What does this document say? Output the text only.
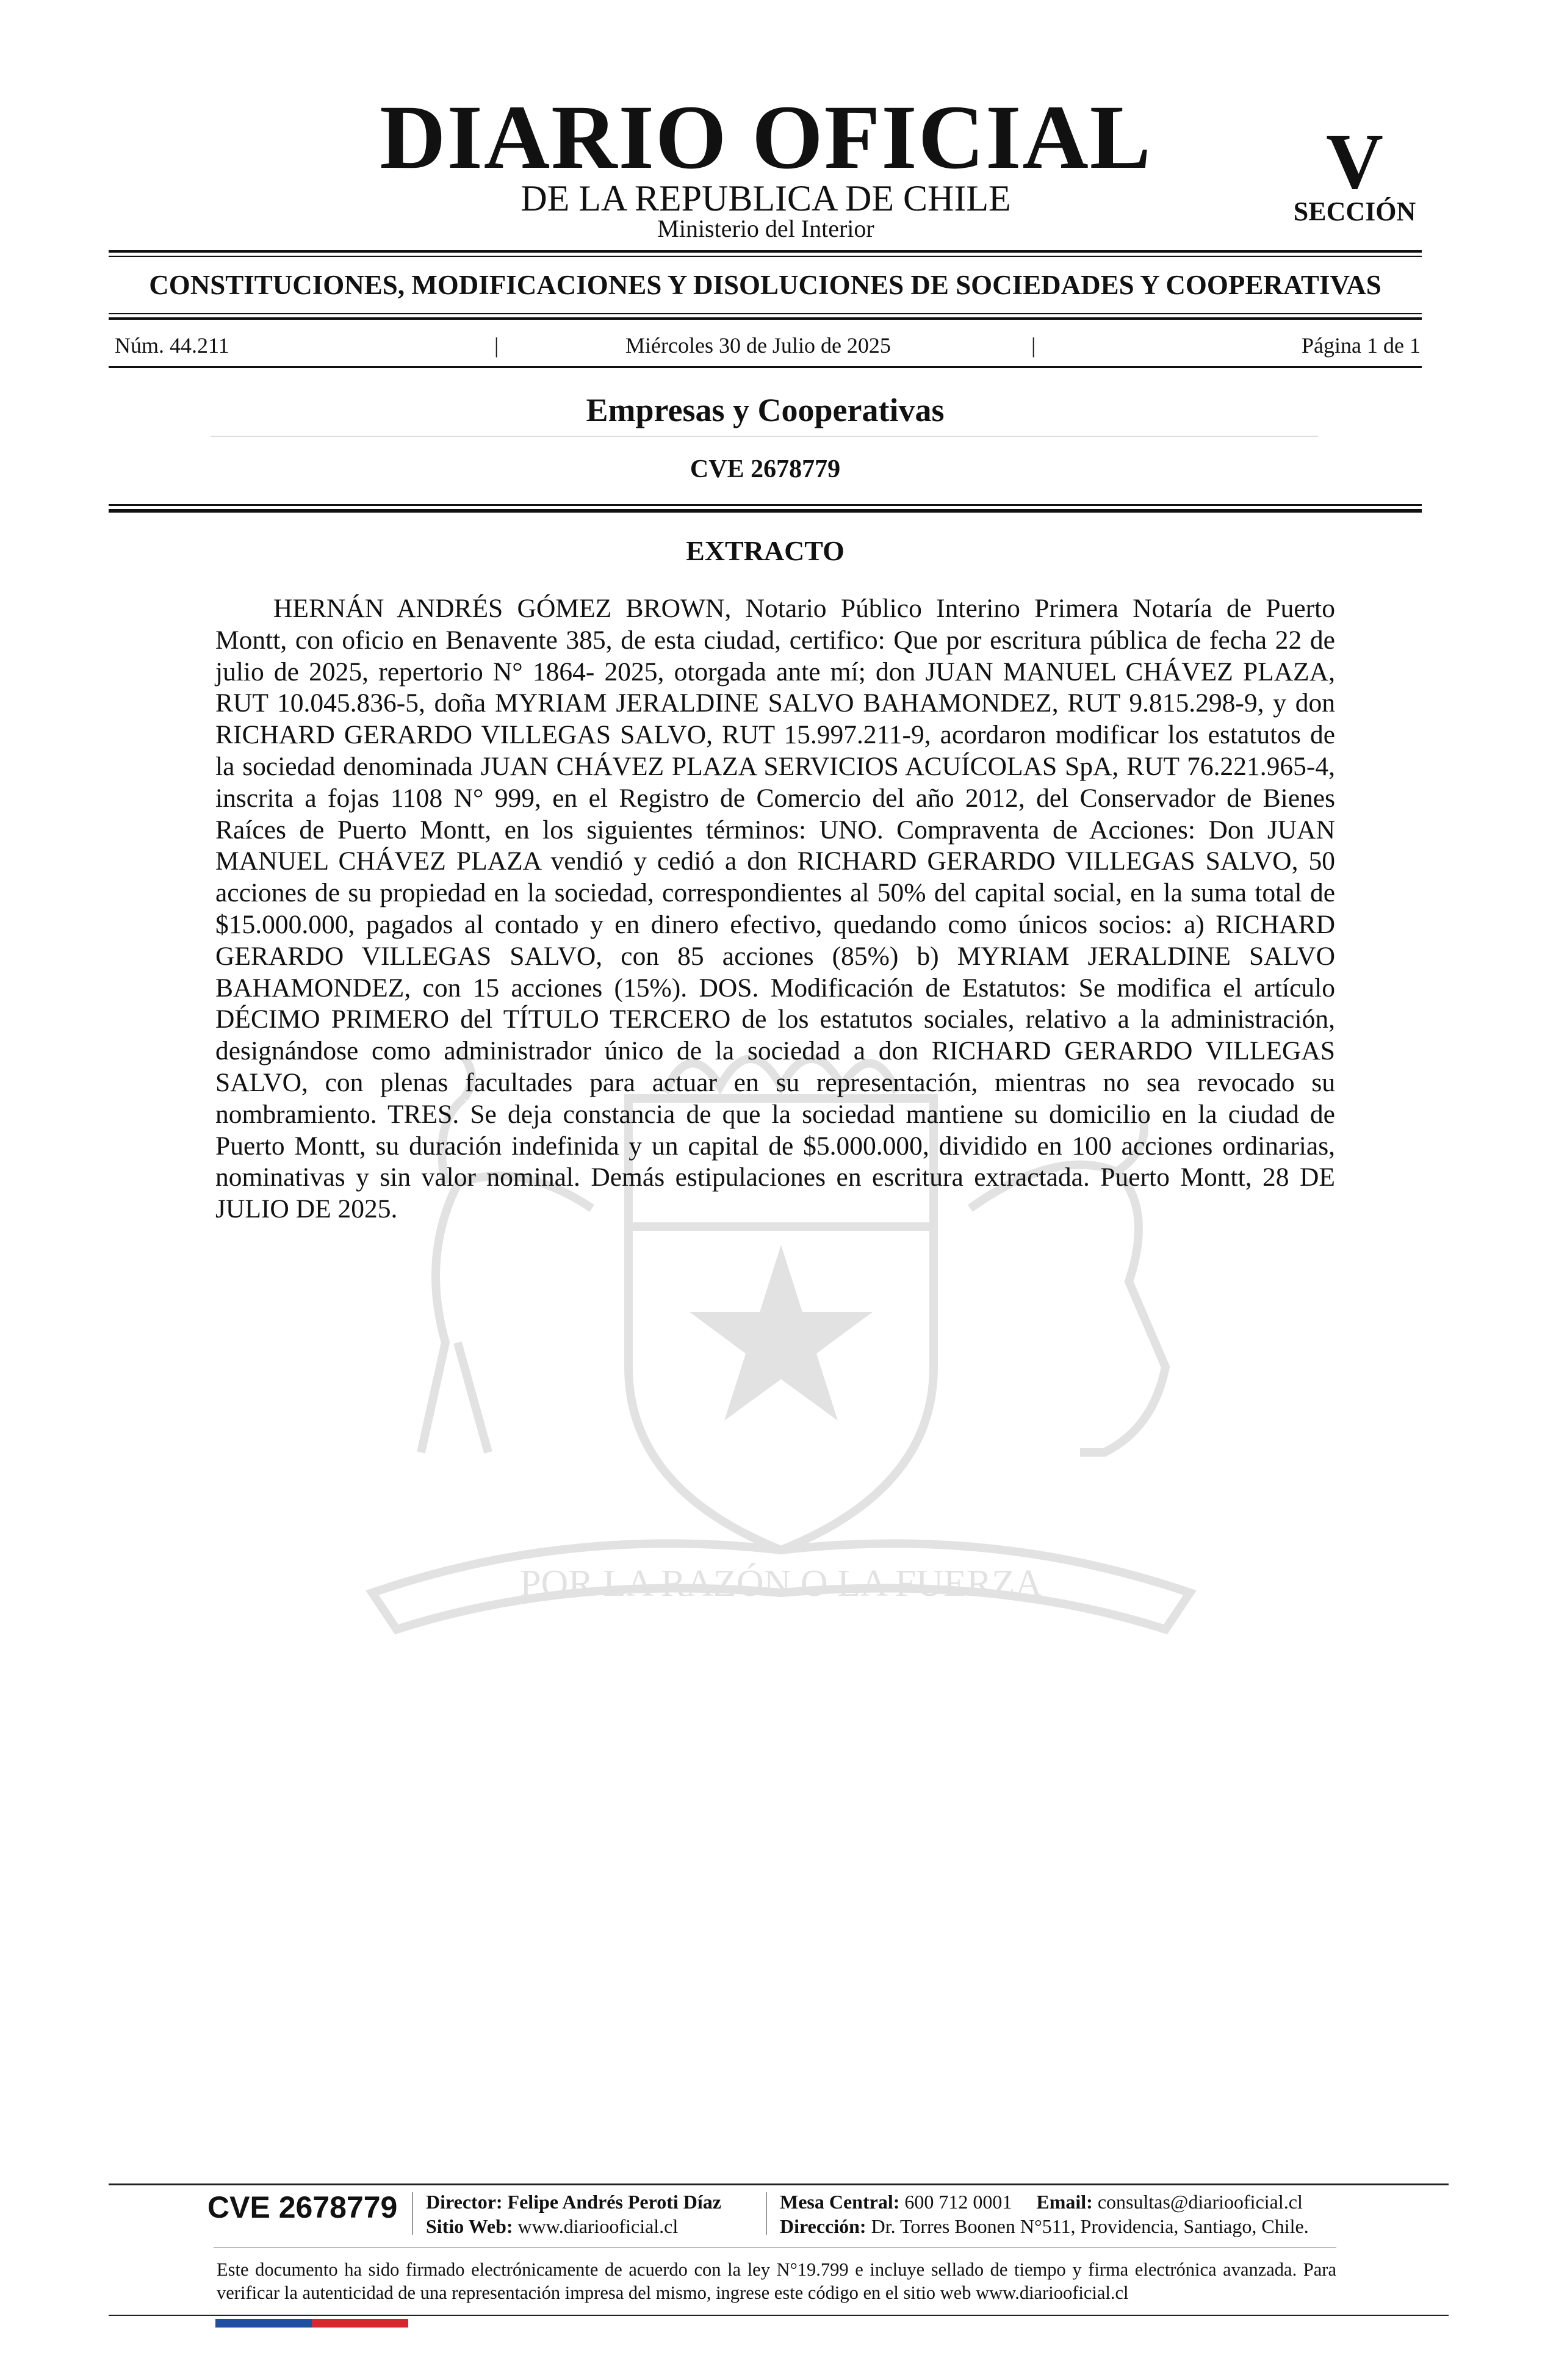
DIARIO OFICIAL
DE LA REPUBLICA DE CHILE
Ministerio del Interior
V
SECCIÓN
CONSTITUCIONES, MODIFICACIONES Y DISOLUCIONES DE SOCIEDADES Y COOPERATIVAS
Núm. 44.211	|	Miércoles 30 de Julio de 2025	|	Página 1 de 1
Empresas y Cooperativas
CVE 2678779
POR LA RAZÓN O LA FUERZA
EXTRACTO

HERNÁN ANDRÉS GÓMEZ BROWN, Notario Público Interino Primera Notaría de Puerto Montt, con oficio en Benavente 385, de esta ciudad, certifico: Que por escritura pública de fecha 22 de julio de 2025, repertorio N° 1864- 2025, otorgada ante mí; don JUAN MANUEL CHÁVEZ PLAZA, RUT 10.045.836-5, doña MYRIAM JERALDINE SALVO BAHAMONDEZ, RUT 9.815.298-9, y don RICHARD GERARDO VILLEGAS SALVO, RUT 15.997.211-9, acordaron modificar los estatutos de la sociedad denominada JUAN CHÁVEZ PLAZA SERVICIOS ACUÍCOLAS SpA, RUT 76.221.965-4, inscrita a fojas 1108 N° 999, en el Registro de Comercio del año 2012, del Conservador de Bienes Raíces de Puerto Montt, en los siguientes términos: UNO. Compraventa de Acciones: Don JUAN MANUEL CHÁVEZ PLAZA vendió y cedió a don RICHARD GERARDO VILLEGAS SALVO, 50 acciones de su propiedad en la sociedad, correspondientes al 50% del capital social, en la suma total de $15.000.000, pagados al contado y en dinero efectivo, quedando como únicos socios: a) RICHARD GERARDO VILLEGAS SALVO, con 85 acciones (85%) b) MYRIAM JERALDINE SALVO BAHAMONDEZ, con 15 acciones (15%). DOS. Modificación de Estatutos: Se modifica el artículo DÉCIMO PRIMERO del TÍTULO TERCERO de los estatutos sociales, relativo a la administración, designándose como administrador único de la sociedad a don RICHARD GERARDO VILLEGAS SALVO, con plenas facultades para actuar en su representación, mientras no sea revocado su nombramiento. TRES. Se deja constancia de que la sociedad mantiene su domicilio en la ciudad de Puerto Montt, su duración indefinida y un capital de $5.000.000, dividido en 100 acciones ordinarias, nominativas y sin valor nominal. Demás estipulaciones en escritura extractada. Puerto Montt, 28 DE JULIO DE 2025.

CVE 2678779 Director: Felipe Andrés Peroti Díaz
Sitio Web: www.diariooficial.cl
Mesa Central: 600 712 0001 Email: consultas@diariooficial.cl
Dirección: Dr. Torres Boonen N°511, Providencia, Santiago, Chile.

Este documento ha sido firmado electrónicamente de acuerdo con la ley N°19.799 e incluye sellado de tiempo y firma electrónica avanzada. Para verificar la autenticidad de una representación impresa del mismo, ingrese este código en el sitio web www.diariooficial.cl
